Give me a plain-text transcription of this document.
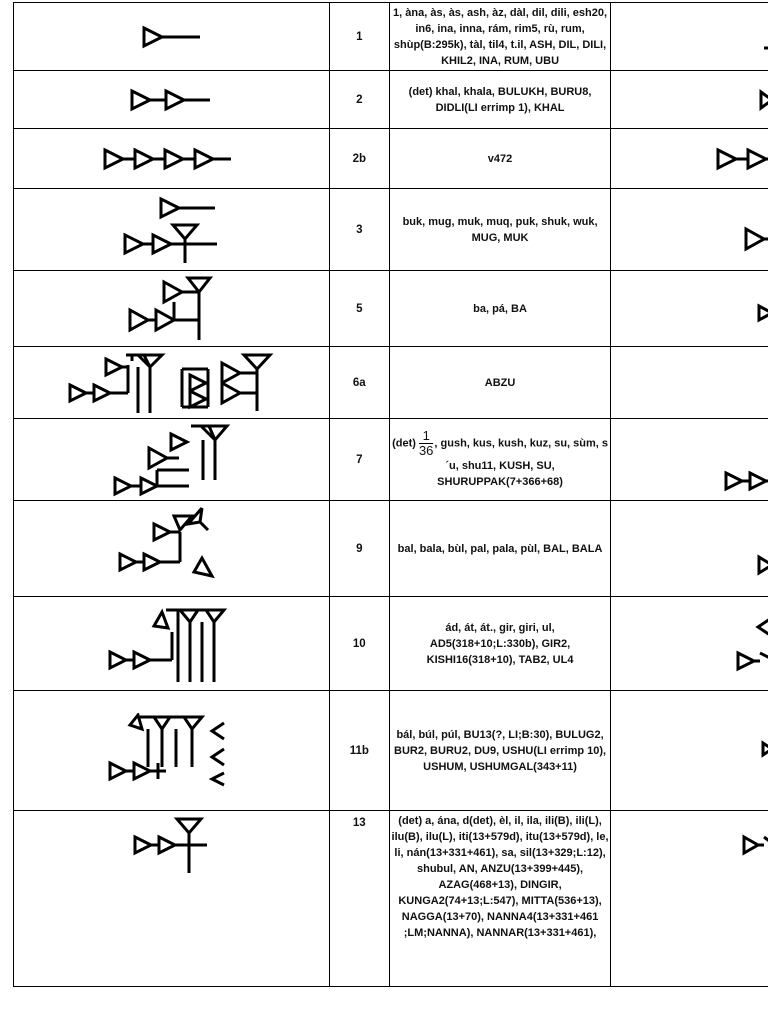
	1	1, àna, às, às, ash, àz, dàl, dil, dili, esh20, in6, ina, inna, rám, rim5, rù, rum, shùp(B:295k), tàl, til4, t.il, ASH, DIL, DILI, KHIL2, INA, RUM, UBU	

	2	(det) khal, khala, BULUKH, BURU8, DIDLI(LI errimp 1), KHAL	

	2b	v472	

	3	buk, mug, muk, muq, puk, shuk, wuk, MUG, MUK	

	5	ba, pá, BA	

	6a	ABZU	

	7	$(\det) \frac{1}{36}$ , gush, kus, kush, kuz, su, sùm, s´u, shu11, KUSH, SU, SHURUPPAK(7+366+68)	

	9	bal, bala, bùl, pal, pala, pùl, BAL, BALA	

	10	ád, át, át., gir, giri, ul, AD5(318+10;L:330b), GIR2, KISHI16(318+10), TAB2, UL4	

	11b	bál, búl, púl, BU13(?, LI;B:30), BULUG2, BUR2, BURU2, DU9, USHU(LI errimp 10), USHUM, USHUMGAL(343+11)	

	13	(det) a, ána, d(det), èl, il, ila, ili(B), ili(L), ilu(B), ilu(L), iti(13+579d), itu(13+579d), le, li, nán(13+331+461), sa, sil(13+329;L:12), shubul, AN, ANZU(13+399+445), AZAG(468+13), DINGIR, KUNGA2(74+13;L:547), MITTA(536+13), NAGGA(13+70), NANNA4(13+331+461 ;LM;NANNA), NANNAR(13+331+461),	
